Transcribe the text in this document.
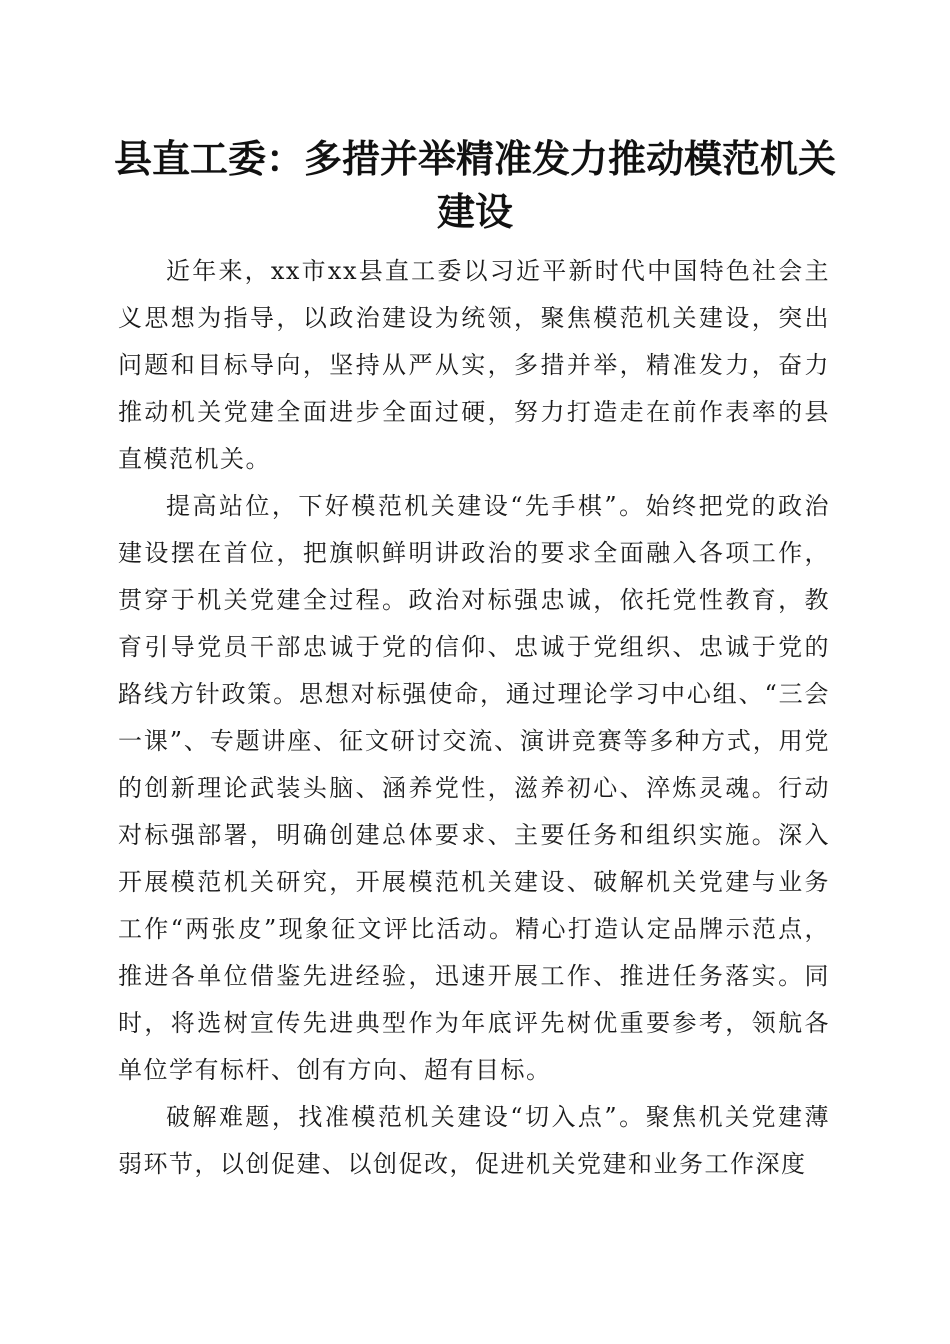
县直工委：多措并举精准发力推动模范机关建设

近年来，xx市xx县直工委以习近平新时代中国特色社会主义思想为指导，以政治建设为统领，聚焦模范机关建设，突出问题和目标导向，坚持从严从实，多措并举，精准发力，奋力推动机关党建全面进步全面过硬，努力打造走在前作表率的县直模范机关。

提高站位，下好模范机关建设“先手棋”。始终把党的政治建设摆在首位，把旗帜鲜明讲政治的要求全面融入各项工作，贯穿于机关党建全过程。政治对标强忠诚，依托党性教育，教育引导党员干部忠诚于党的信仰、忠诚于党组织、忠诚于党的路线方针政策。思想对标强使命，通过理论学习中心组、“三会一课”、专题讲座、征文研讨交流、演讲竞赛等多种方式，用党的创新理论武装头脑、涵养党性，滋养初心、淬炼灵魂。行动对标强部署，明确创建总体要求、主要任务和组织实施。深入开展模范机关研究，开展模范机关建设、破解机关党建与业务工作“两张皮”现象征文评比活动。精心打造认定品牌示范点，推进各单位借鉴先进经验，迅速开展工作、推进任务落实。同时，将选树宣传先进典型作为年底评先树优重要参考，领航各单位学有标杆、创有方向、超有目标。

破解难题，找准模范机关建设“切入点”。聚焦机关党建薄弱环节，以创促建、以创促改，促进机关党建和业务工作深度
